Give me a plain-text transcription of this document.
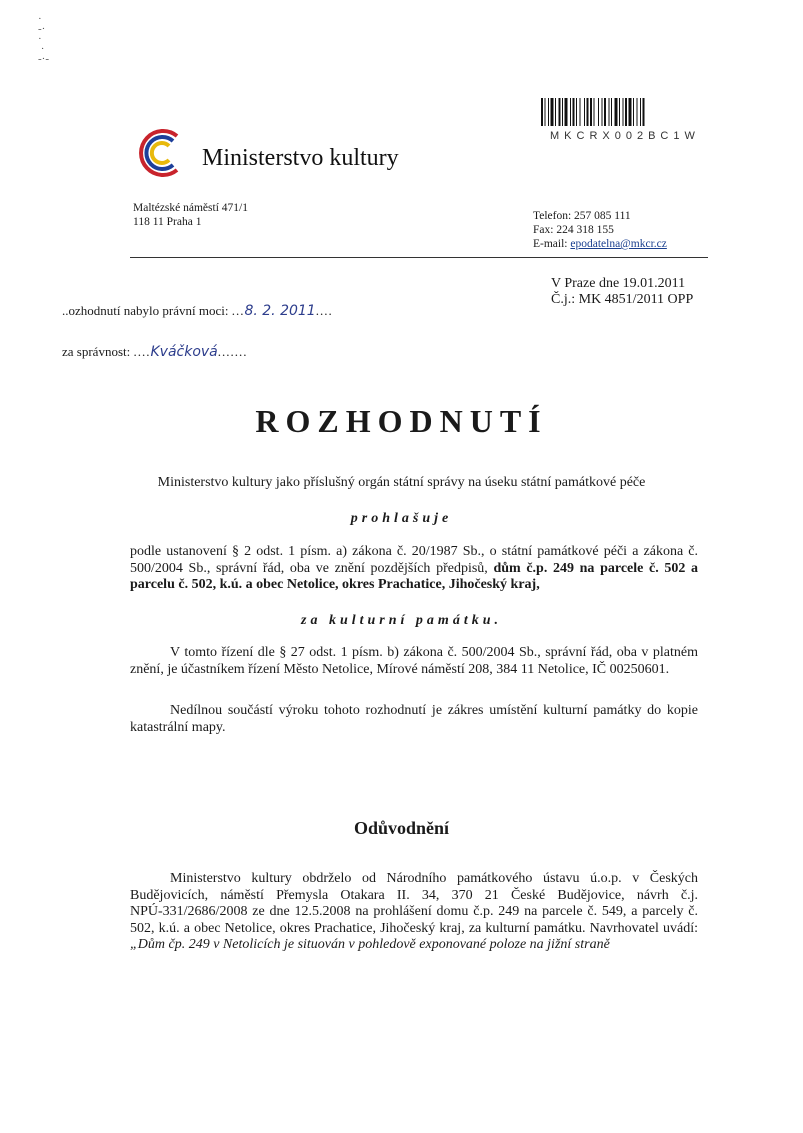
·
-·
·
·
-·-
MKCRX002BC1W
Ministerstvo kultury
Maltézské náměstí 471/1
118 11 Praha 1	Telefon: 257 085 111
Fax: 224 318 155
E-mail: epodatelna@mkcr.cz
V Praze dne 19.01.2011
Č.j.: MK 4851/2011 OPP
..ozhodnutí nabylo právní moci: ...8. 2. 2011....
za správnost: ....Kváčková.......
ROZHODNUTÍ
Ministerstvo kultury jako příslušný orgán státní správy na úseku státní památkové péče
prohlašuje
podle ustanovení § 2 odst. 1 písm. a) zákona č. 20/1987 Sb., o státní památkové péči a zákona č. 500/2004 Sb., správní řád, oba ve znění pozdějších předpisů, dům č.p. 249 na parcele č. 502 a parcelu č. 502, k.ú. a obec Netolice, okres Prachatice, Jihočeský kraj,
za kulturní památku.
V tomto řízení dle § 27 odst. 1 písm. b) zákona č. 500/2004 Sb., správní řád, oba v platném znění, je účastníkem řízení Město Netolice, Mírové náměstí 208, 384 11 Netolice, IČ 00250601.
Nedílnou součástí výroku tohoto rozhodnutí je zákres umístění kulturní památky do kopie katastrální mapy.
Odůvodnění
Ministerstvo kultury obdrželo od Národního památkového ústavu ú.o.p. v Českých Budějovicích, náměstí Přemysla Otakara II. 34, 370 21 České Budějovice, návrh č.j. NPÚ-331/2686/2008 ze dne 12.5.2008 na prohlášení domu č.p. 249 na parcele č. 549, a parcely č. 502, k.ú. a obec Netolice, okres Prachatice, Jihočeský kraj, za kulturní památku. Navrhovatel uvádí: „Dům čp. 249 v Netolicích je situován v pohledově exponované poloze na jižní straně
